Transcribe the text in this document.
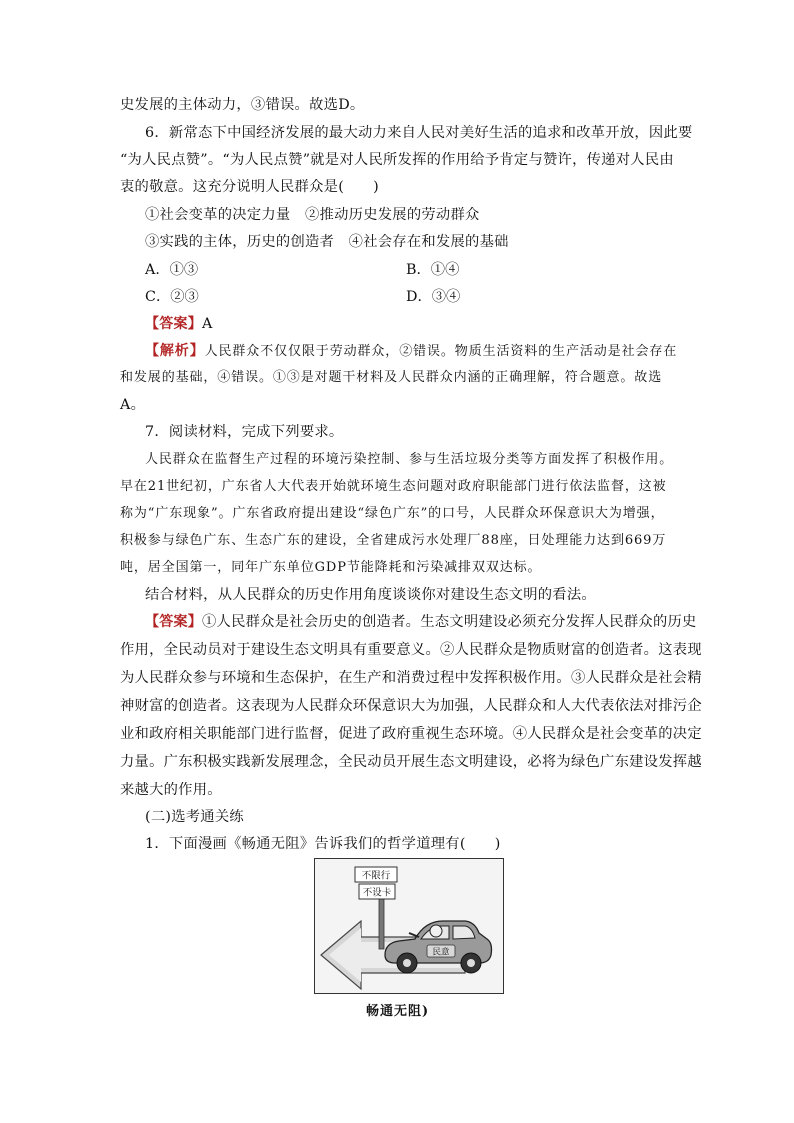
史发展的主体动力，③错误。故选D。
6．新常态下中国经济发展的最大动力来自人民对美好生活的追求和改革开放，因此要
“为人民点赞”。“为人民点赞”就是对人民所发挥的作用给予肯定与赞许，传递对人民由
衷的敬意。这充分说明人民群众是(　　)
①社会变革的决定力量　②推动历史发展的劳动群众
③实践的主体，历史的创造者　④社会存在和发展的基础
A．①③	B．①④
C．②③	D．③④
【答案】A
【解析】人民群众不仅仅限于劳动群众，②错误。物质生活资料的生产活动是社会存在
和发展的基础，④错误。①③是对题干材料及人民群众内涵的正确理解，符合题意。故选
A。
7．阅读材料，完成下列要求。
人民群众在监督生产过程的环境污染控制、参与生活垃圾分类等方面发挥了积极作用。
早在21世纪初，广东省人大代表开始就环境生态问题对政府职能部门进行依法监督，这被
称为“广东现象”。广东省政府提出建设“绿色广东”的口号，人民群众环保意识大为增强，
积极参与绿色广东、生态广东的建设，全省建成污水处理厂88座，日处理能力达到669万
吨，居全国第一，同年广东单位GDP节能降耗和污染减排双双达标。
结合材料，从人民群众的历史作用角度谈谈你对建设生态文明的看法。
【答案】①人民群众是社会历史的创造者。生态文明建设必须充分发挥人民群众的历史
作用，全民动员对于建设生态文明具有重要意义。②人民群众是物质财富的创造者。这表现
为人民群众参与环境和生态保护，在生产和消费过程中发挥积极作用。③人民群众是社会精
神财富的创造者。这表现为人民群众环保意识大为加强，人民群众和人大代表依法对排污企
业和政府相关职能部门进行监督，促进了政府重视生态环境。④人民群众是社会变革的决定
力量。广东积极实践新发展理念，全民动员开展生态文明建设，必将为绿色广东建设发挥越
来越大的作用。
(二)选考通关练
1．下面漫画《畅通无阻》告诉我们的哲学道理有(　　)
不限行
不设卡
民意
畅通无阻)
